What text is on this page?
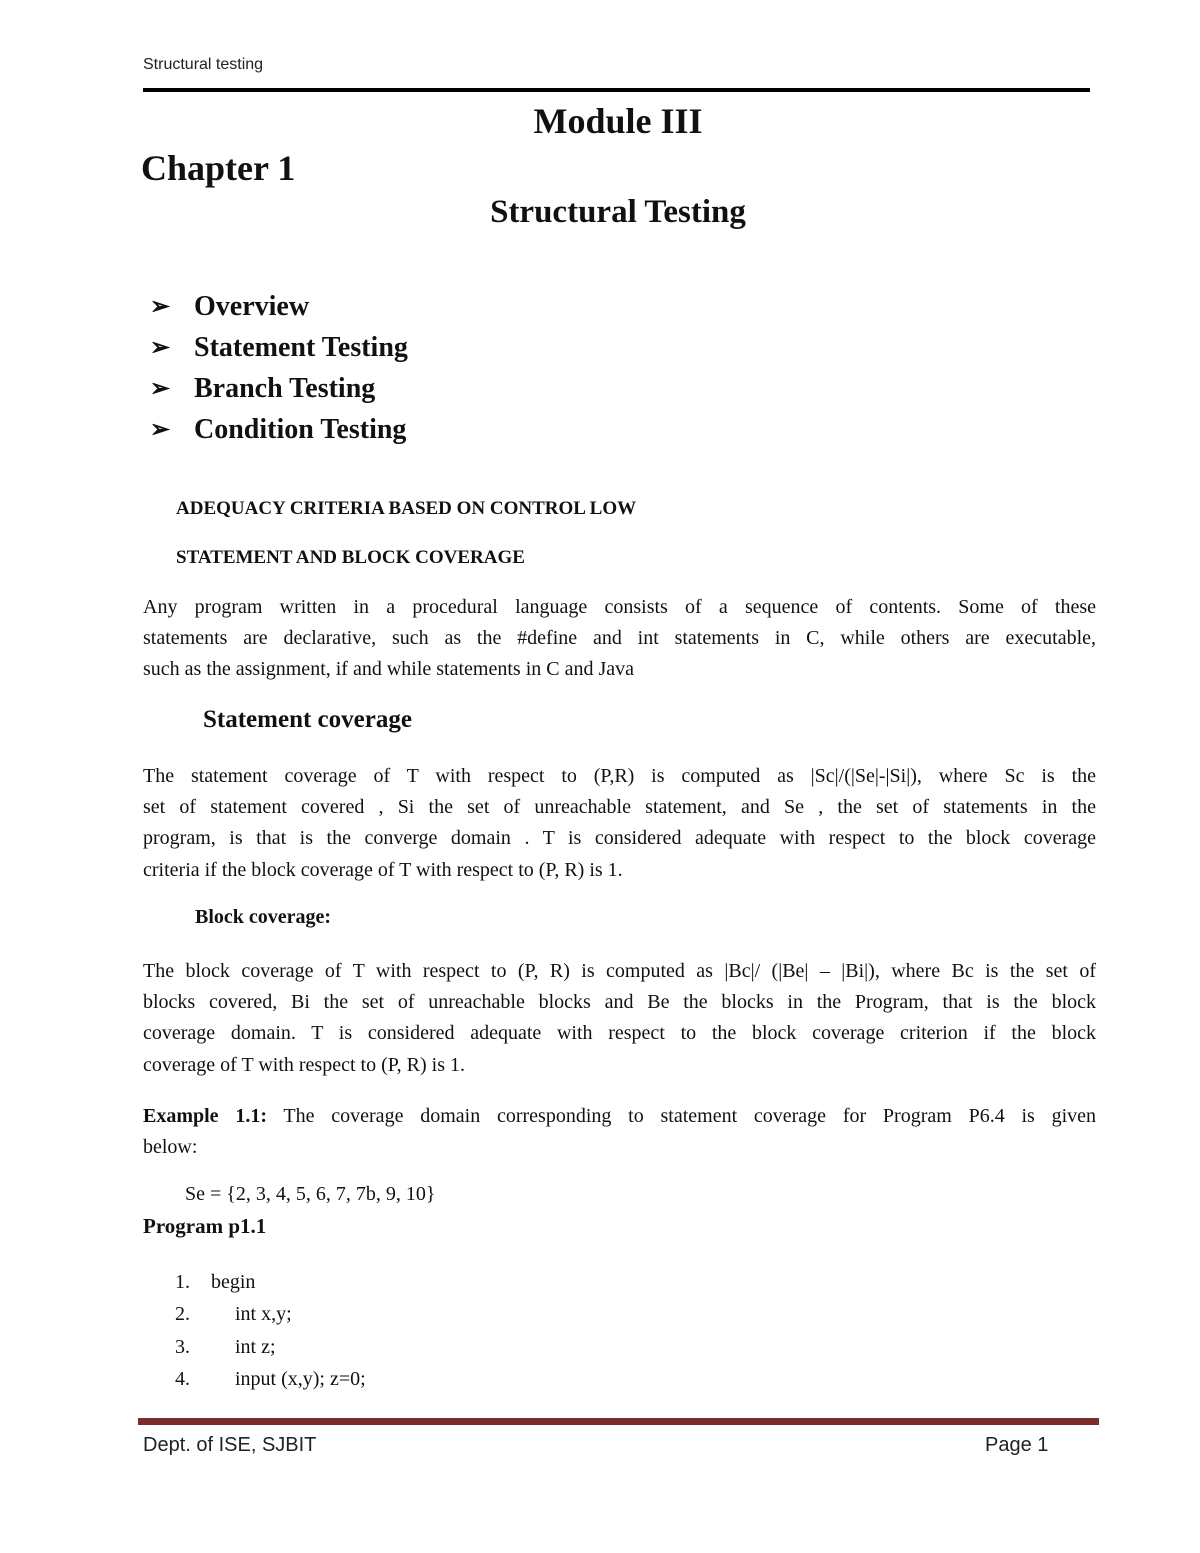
Structural testing
Module III
Chapter 1
Structural Testing
➢ Overview
➢ Statement Testing
➢ Branch Testing
➢ Condition Testing
ADEQUACY CRITERIA BASED ON CONTROL LOW
STATEMENT AND BLOCK COVERAGE
Any program written in a procedural language consists of a sequence of contents. Some of these
statements are declarative, such as the #define and int statements in C, while others are executable,
such as the assignment, if and while statements in C and Java
Statement coverage
The statement coverage of T with respect to (P,R) is computed as |Sc|/(|Se|-|Si|), where Sc is the
set of statement covered , Si the set of unreachable statement, and Se , the set of statements in the
program, is that is the converge domain . T is considered adequate with respect to the block coverage
criteria if the block coverage of T with respect to (P, R) is 1.
Block coverage:
The block coverage of T with respect to (P, R) is computed as |Bc|/ (|Be| – |Bi|), where Bc is the set of
blocks covered, Bi the set of unreachable blocks and Be the blocks in the Program, that is the block
coverage domain. T is considered adequate with respect to the block coverage criterion if the block
coverage of T with respect to (P, R) is 1.
Example 1.1: The coverage domain corresponding to statement coverage for Program P6.4 is given
below:
Se = {2, 3, 4, 5, 6, 7, 7b, 9, 10}
Program p1.1
1.	begin
2.	int x,y;
3.	int z;
4.	input (x,y); z=0;
Dept. of ISE, SJBIT	Page 1
